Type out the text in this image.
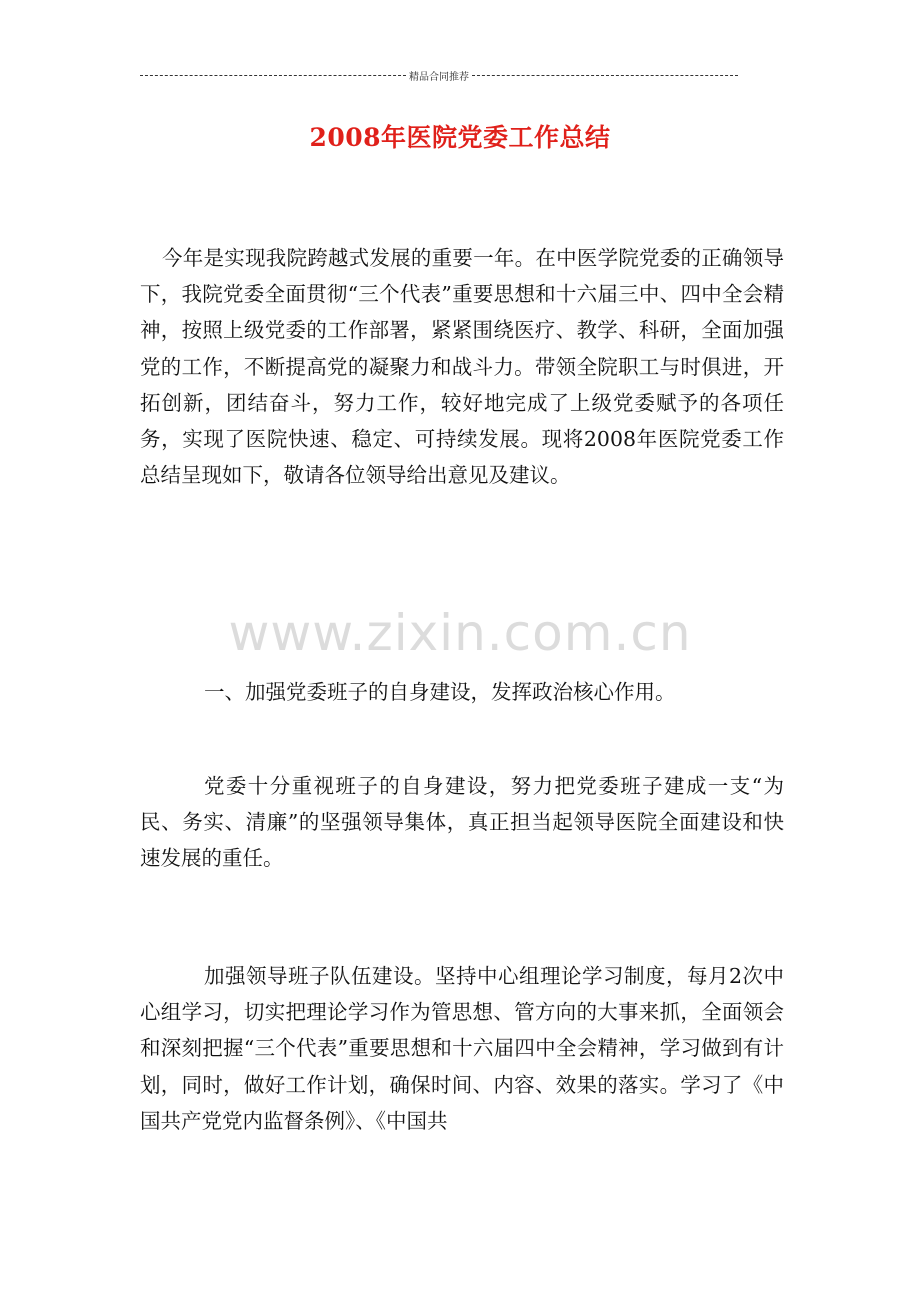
精品合同推荐
2008年医院党委工作总结
www.zixin.com.cn

今年是实现我院跨越式发展的重要一年。在中医学院党委的正确领导下，我院党委全面贯彻“三个代表”重要思想和十六届三中、四中全会精神，按照上级党委的工作部署，紧紧围绕医疗、教学、科研，全面加强党的工作，不断提高党的凝聚力和战斗力。带领全院职工与时俱进，开拓创新，团结奋斗，努力工作，较好地完成了上级党委赋予的各项任务，实现了医院快速、稳定、可持续发展。现将2008年医院党委工作总结呈现如下，敬请各位领导给出意见及建议。

一、加强党委班子的自身建设，发挥政治核心作用。

党委十分重视班子的自身建设，努力把党委班子建成一支“为民、务实、清廉”的坚强领导集体，真正担当起领导医院全面建设和快速发展的重任。

加强领导班子队伍建设。坚持中心组理论学习制度，每月2次中心组学习，切实把理论学习作为管思想、管方向的大事来抓，全面领会和深刻把握“三个代表”重要思想和十六届四中全会精神，学习做到有计划，同时，做好工作计划，确保时间、内容、效果的落实。学习了《中国共产党党内监督条例》、《中国共
